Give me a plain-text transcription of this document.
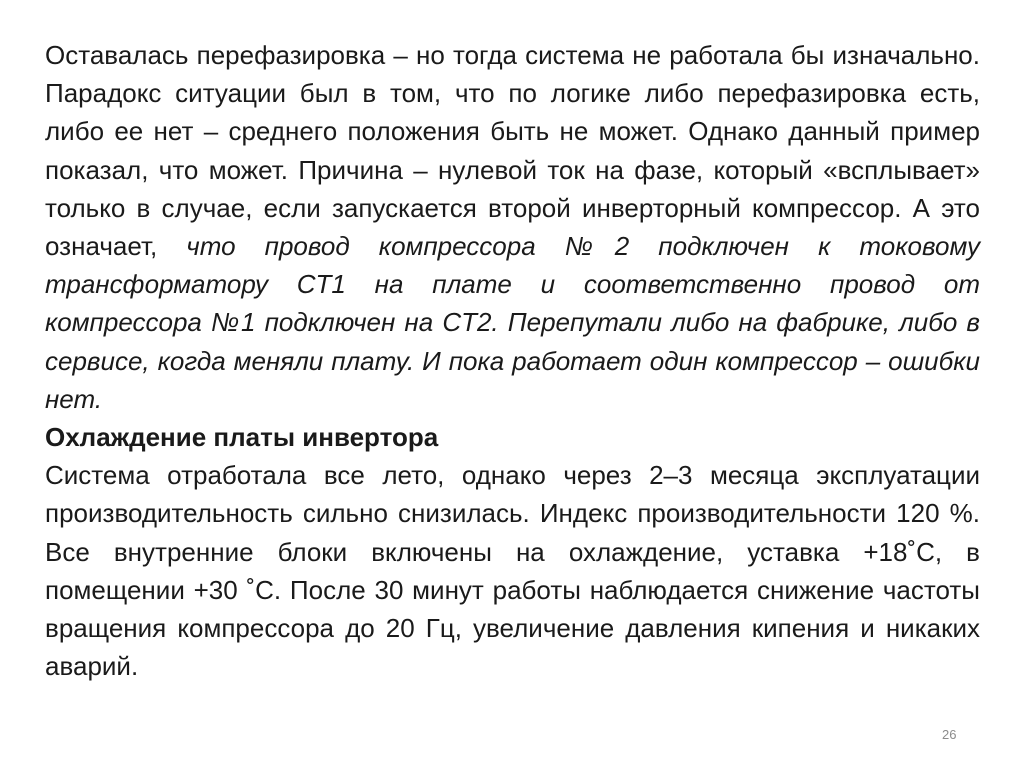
Оставалась перефазировка – но тогда система не работала бы изначально. Парадокс ситуации был в том, что по логике либо перефазировка есть, либо ее нет – среднего положения быть не может. Однако данный пример показал, что может. Причина – нулевой ток на фазе, который «всплывает» только в случае, если запускается второй инверторный компрессор. А это означает, что провод компрессора №2 подключен к токовому трансформатору CT1 на плате и соответственно провод от компрессора №1 подключен на CT2. Перепутали либо на фабрике, либо в сервисе, когда меняли плату. И пока работает один компрессор – ошибки нет.

Охлаждение платы инвертора

Система отработала все лето, однако через 2–3 месяца эксплуатации производительность сильно снизилась. Индекс производительности 120 %. Все внутренние блоки включены на охлаждение, уставка +18˚С, в помещении +30 ˚С. После 30 минут работы наблюдается снижение частоты вращения компрессора до 20 Гц, увеличение давления кипения и никаких аварий.

26
